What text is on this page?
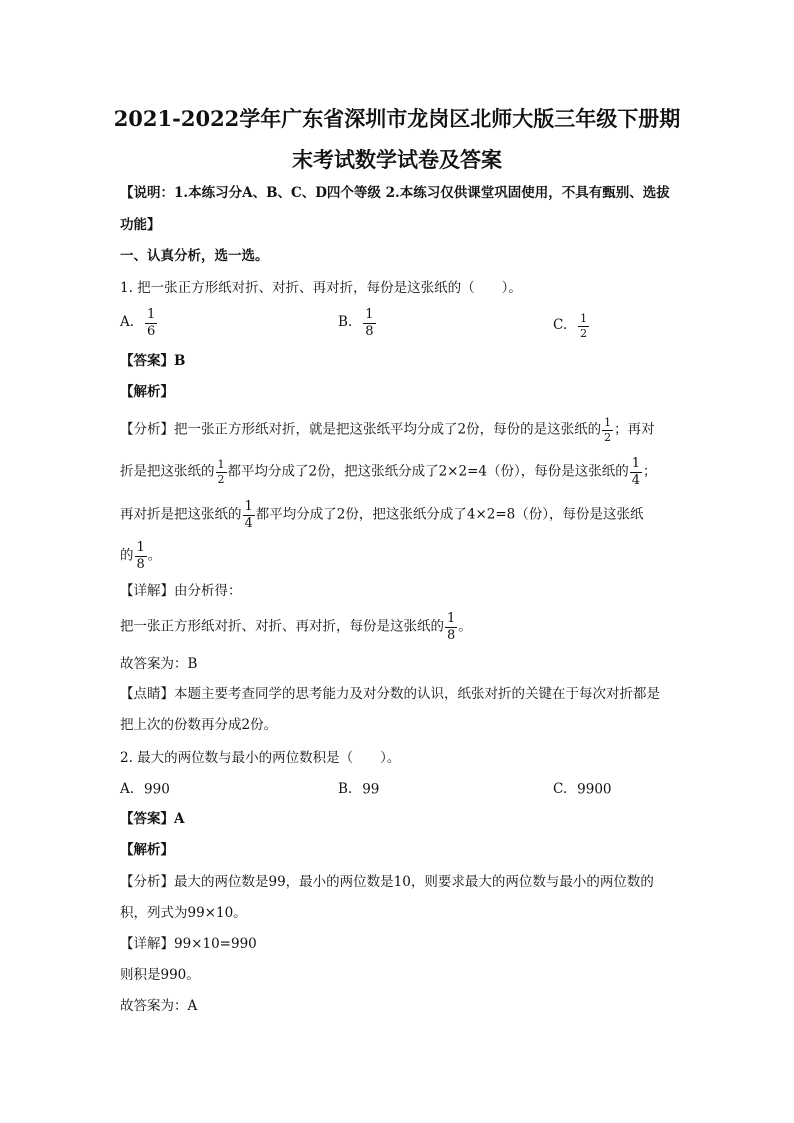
2021-2022学年广东省深圳市龙岗区北师大版三年级下册期
末考试数学试卷及答案
【说明：1.本练习分A、B、C、D四个等级 2.本练习仅供课堂巩固使用，不具有甄别、选拔
功能】
一、认真分析，选一选。
1. 把一张正方形纸对折、对折、再对折，每份是这张纸的（　　）。
A. $\frac{1}{6}$	B. $\frac{1}{8}$	C. $\frac{1}{2}$
【答案】B
【解析】
【分析】把一张正方形纸对折，就是把这张纸平均分成了2份，每份的是这张纸的 $\frac{1}{2}$ ；再对
折是把这张纸的 $\frac{1}{2}$ 都平均分成了2份，把这张纸分成了2×2=4（份），每份是这张纸的 $\frac{1}{4}$ ；
再对折是把这张纸的 $\frac{1}{4}$ 都平均分成了2份，把这张纸分成了4×2=8（份），每份是这张纸
的 $\frac{1}{8}$ 。
【详解】由分析得：
把一张正方形纸对折、对折、再对折，每份是这张纸的 $\frac{1}{8}$ 。
故答案为：B
【点睛】本题主要考查同学的思考能力及对分数的认识，纸张对折的关键在于每次对折都是
把上次的份数再分成2份。
2. 最大的两位数与最小的两位数积是（　　）。
A. 990	B. 99	C. 9900
【答案】A
【解析】
【分析】最大的两位数是99，最小的两位数是10，则要求最大的两位数与最小的两位数的
积，列式为99×10。
【详解】99×10=990
则积是990。
故答案为：A
